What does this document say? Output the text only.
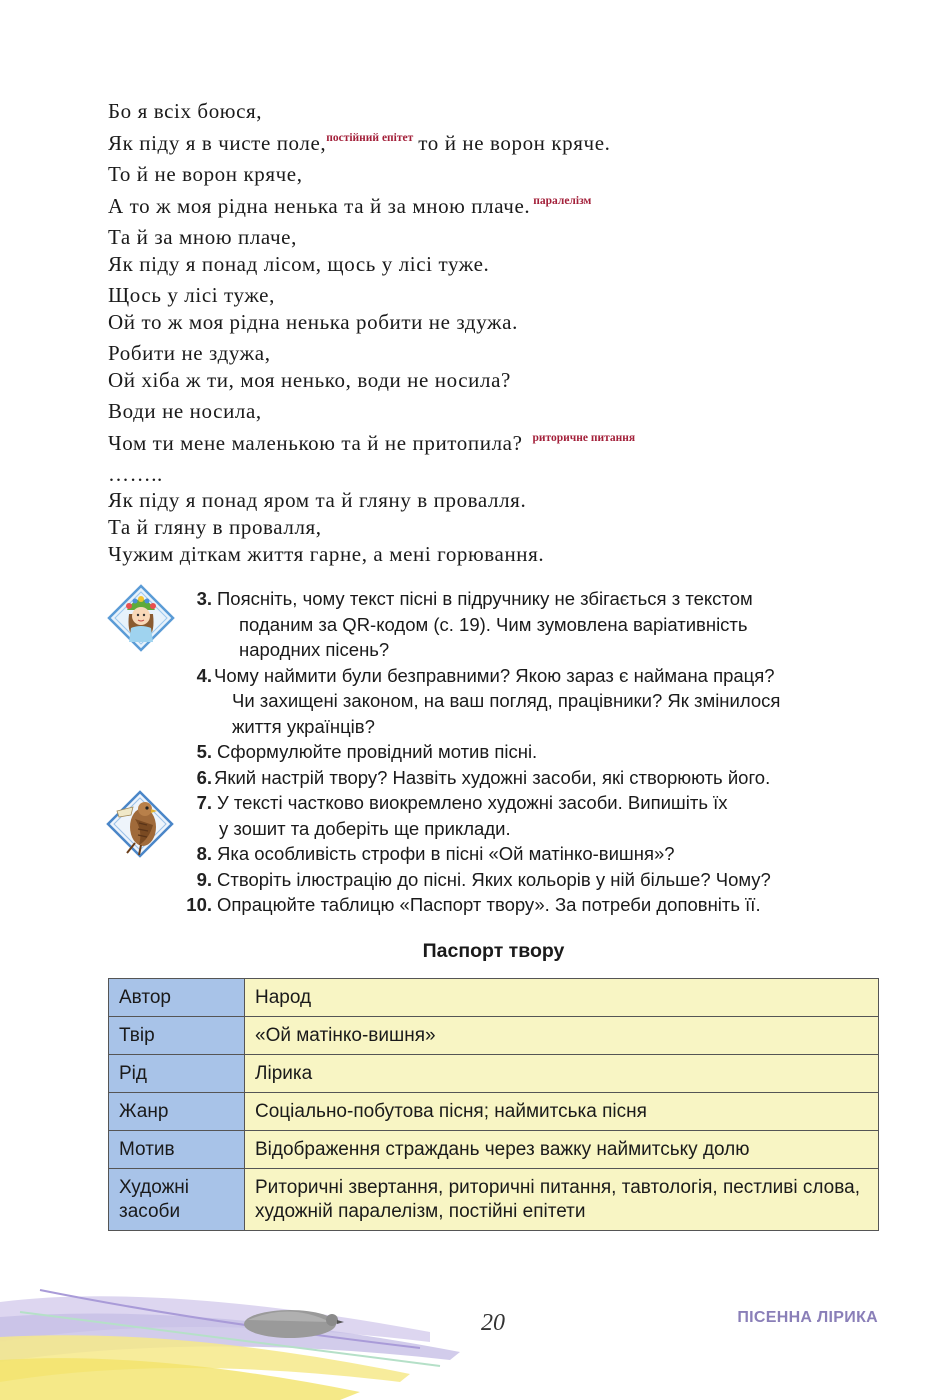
Бо я всіх боюся,
Як піду я в чисте поле,$^{постійний епітет}$ то й не ворон кряче.
То й не ворон кряче,
А то ж моя рідна ненька та й за мною плаче. $^{паралелізм}$
Та й за мною плаче,
Як піду я понад лісом, щось у лісі туже.
Щось у лісі туже,
Ой то ж моя рідна ненька робити не здужа.
Робити не здужа,
Ой хіба ж ти, моя ненько, води не носила?
Води не носила,
Чом ти мене маленькою та й не притопила? $^{риторичне питання}$
……..
Як піду я понад яром та й гляну в провалля.
Та й гляну в провалля,
Чужим діткам життя гарне, а мені горювання.
3. Поясніть, чому текст пісні в підручнику не збігається з текстом
поданим за QR-кодом (с. 19). Чим зумовлена варіативність
народних пісень?
4. Чому наймити були безправними? Якою зараз є наймана праця?
Чи захищені законом, на ваш погляд, працівники? Як змінилося
життя українців?
5. Сформулюйте провідний мотив пісні.
6. Який настрій твору? Назвіть художні засоби, які створюють його.
7. У тексті частково виокремлено художні засоби. Випишіть їх
у зошит та доберіть ще приклади.
8. Яка особливість строфи в пісні «Ой матінко-вишня»?
9. Створіть ілюстрацію до пісні. Яких кольорів у ній більше? Чому?
10. Опрацюйте таблицю «Паспорт твору». За потреби доповніть її.
Паспорт твору
Автор	Народ
Твір	«Ой матінко-вишня»
Рід	Лірика
Жанр	Соціально-побутова пісня; наймитська пісня
Мотив	Відображення страждань через важку наймитську долю
Художні засоби	Риторичні звертання, риторичні питання, тавтологія, пестливі слова, художній паралелізм, постійні епітети
20	ПІСЕННА ЛІРИКА
